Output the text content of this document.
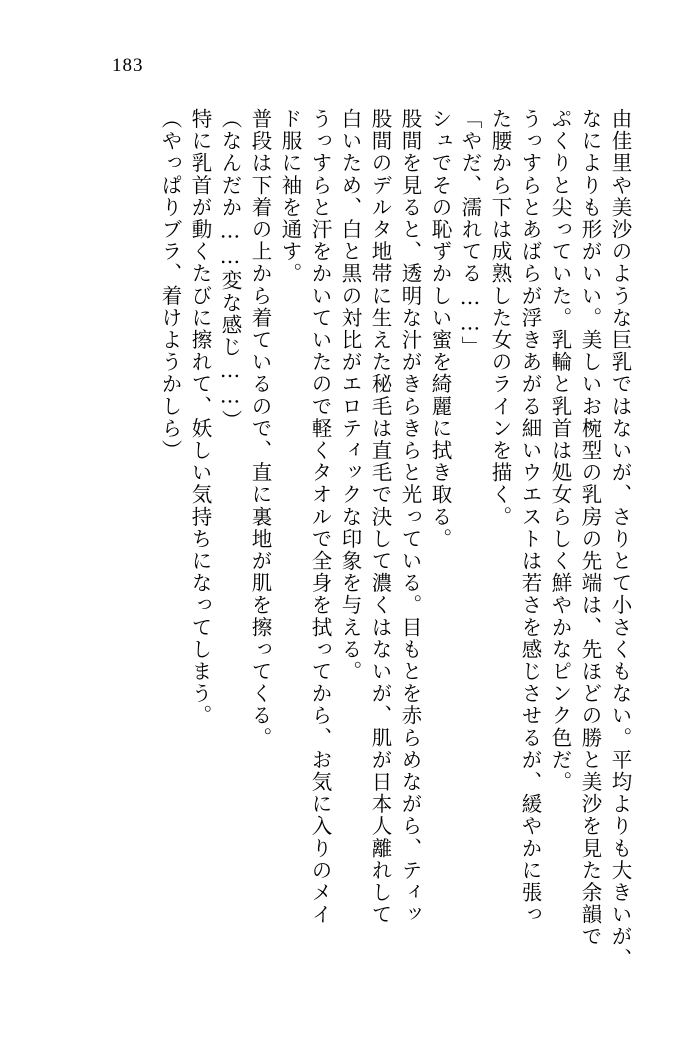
183
由佳里や美沙のような巨乳ではないが、さりとて小さくもない。平均よりも大きいが、
なによりも形がいい。美しいお椀型の乳房の先端は、先ほどの勝と美沙を見た余韻で
ぷくりと尖っていた。乳輪と乳首は処女らしく鮮やかなピンク色だ。
うっすらとあばらが浮きあがる細いウエストは若さを感じさせるが、緩やかに張っ
た腰から下は成熟した女のラインを描く。
「やだ、濡れてる……」
シュでその恥ずかしい蜜を綺麗に拭き取る。
股間を見ると、透明な汁がきらきらと光っている。目もとを赤らめながら、ティッ
股間のデルタ地帯に生えた秘毛は直毛で決して濃くはないが、肌が日本人離れして
白いため、白と黒の対比がエロティックな印象を与える。
うっすらと汗をかいていたので軽くタオルで全身を拭ってから、お気に入りのメイ
ド服に袖を通す。
普段は下着の上から着ているので、直に裏地が肌を擦ってくる。
（なんだか……変な感じ……）
特に乳首が動くたびに擦れて、妖しい気持ちになってしまう。
（やっぱりブラ、着けようかしら）
